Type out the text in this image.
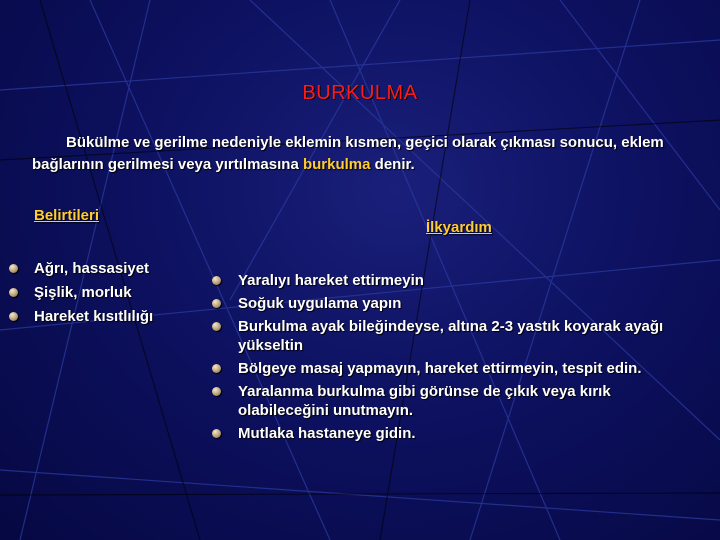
BURKULMA
Bükülme ve gerilme nedeniyle eklemin kısmen, geçici olarak çıkması sonucu, eklem bağlarının gerilmesi veya yırtılmasına burkulma denir.
Belirtileri
Ağrı, hassasiyet
Şişlik, morluk
Hareket kısıtlılığı
İlkyardım
Yaralıyı hareket ettirmeyin
Soğuk uygulama yapın
Burkulma ayak bileğindeyse, altına 2-3 yastık koyarak ayağı yükseltin
Bölgeye masaj yapmayın, hareket ettirmeyin, tespit edin.
Yaralanma burkulma gibi görünse de çıkık veya kırık olabileceğini unutmayın.
Mutlaka hastaneye gidin.
